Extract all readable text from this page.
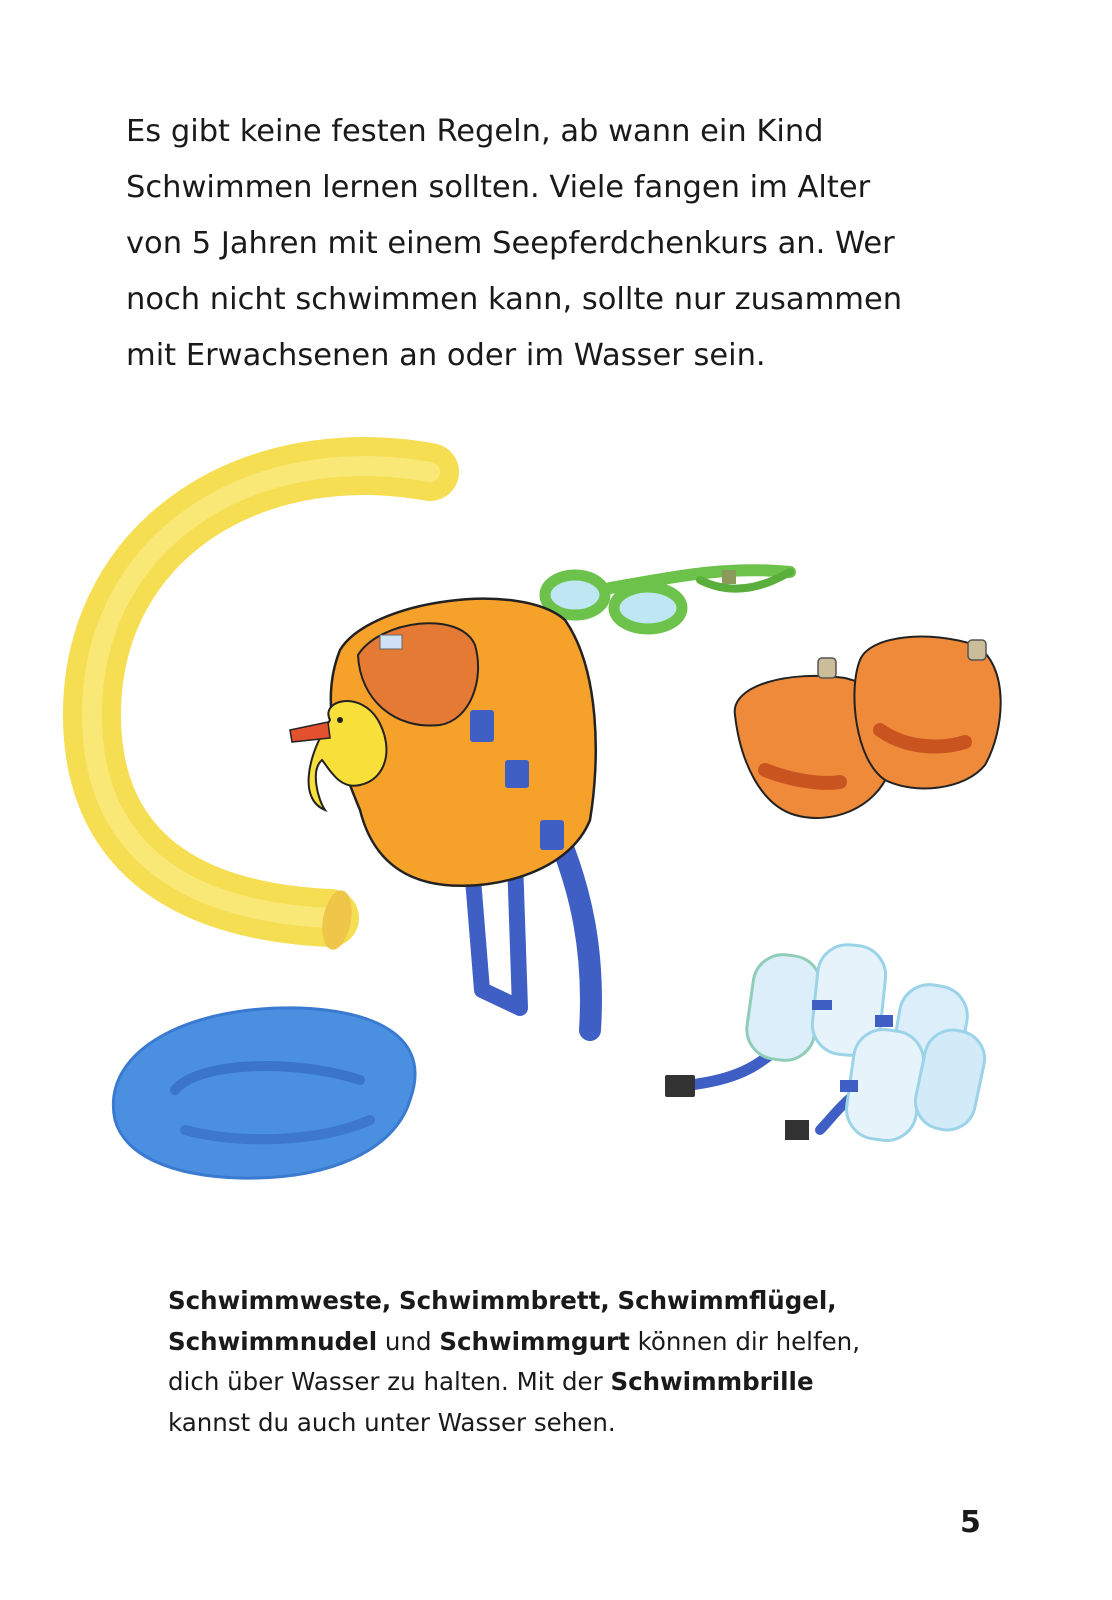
Es gibt keine festen Regeln, ab wann ein Kind
Schwimmen lernen sollten. Viele fangen im Alter
von 5 Jahren mit einem Seepferdchenkurs an. Wer
noch nicht schwimmen kann, sollte nur zusammen
mit Erwachsenen an oder im Wasser sein.

Schwimmweste, Schwimmbrett, Schwimmflügel,
Schwimmnudel und Schwimmgurt können dir helfen,
dich über Wasser zu halten. Mit der Schwimmbrille
kannst du auch unter Wasser sehen.

5
